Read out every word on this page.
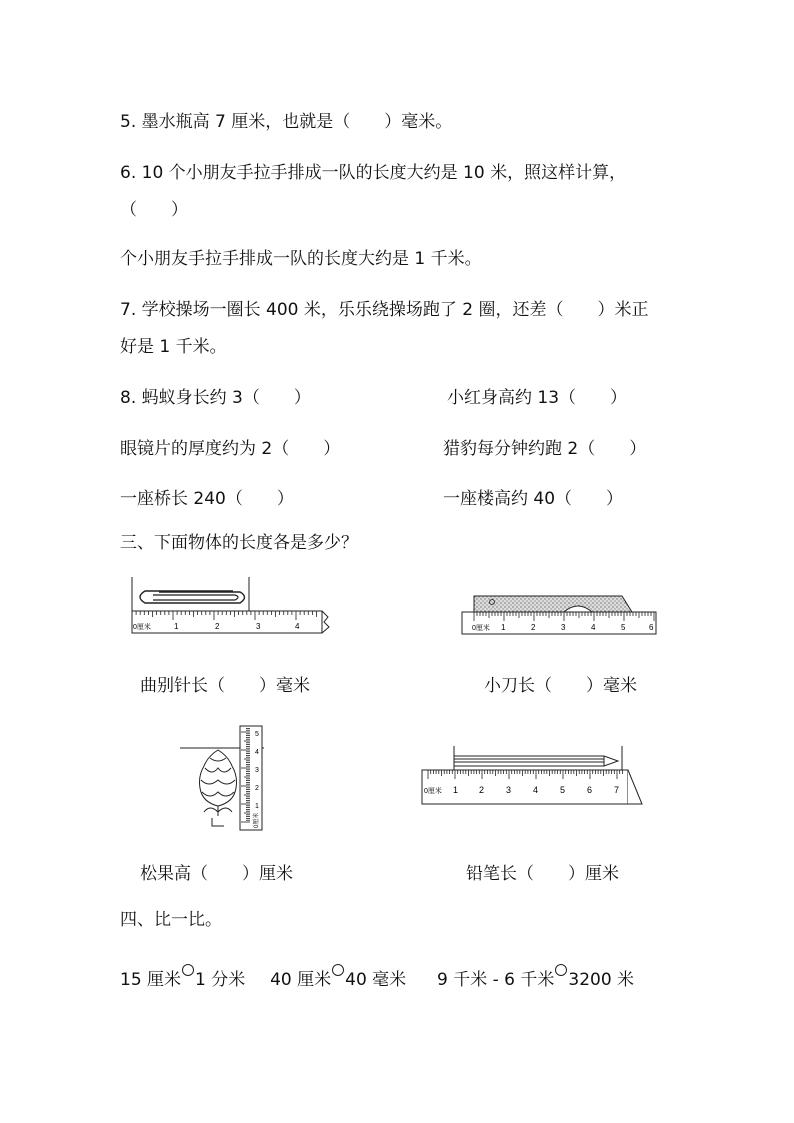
5. 墨水瓶高 7 厘米，也就是（　　）毫米。
6. 10 个小朋友手拉手排成一队的长度大约是 10 米，照这样计算，
（　　）
个小朋友手拉手排成一队的长度大约是 1 千米。
7. 学校操场一圈长 400 米，乐乐绕操场跑了 2 圈，还差（　　）米正
好是 1 千米。
8. 蚂蚁身长约 3（　　）	小红身高约 13（　　）
眼镜片的厚度约为 2（　　）	猎豹每分钟约跑 2（　　）
一座桥长 240（　　）	一座楼高约 40（　　）
三、下面物体的长度各是多少？
0厘米	1	2	3	4
曲别针长（　　）毫米
0厘米 1	2	3	4	5	6
小刀长（　　）毫米
5
4
3
2
1
0厘米
松果高（　　）厘米
0厘米 1 2 3 4 5 6 7
铅笔长（　　）厘米
四、比一比。
15 厘米 1 分米 40 厘米 40 毫米 9 千米 - 6 千米 3200 米
